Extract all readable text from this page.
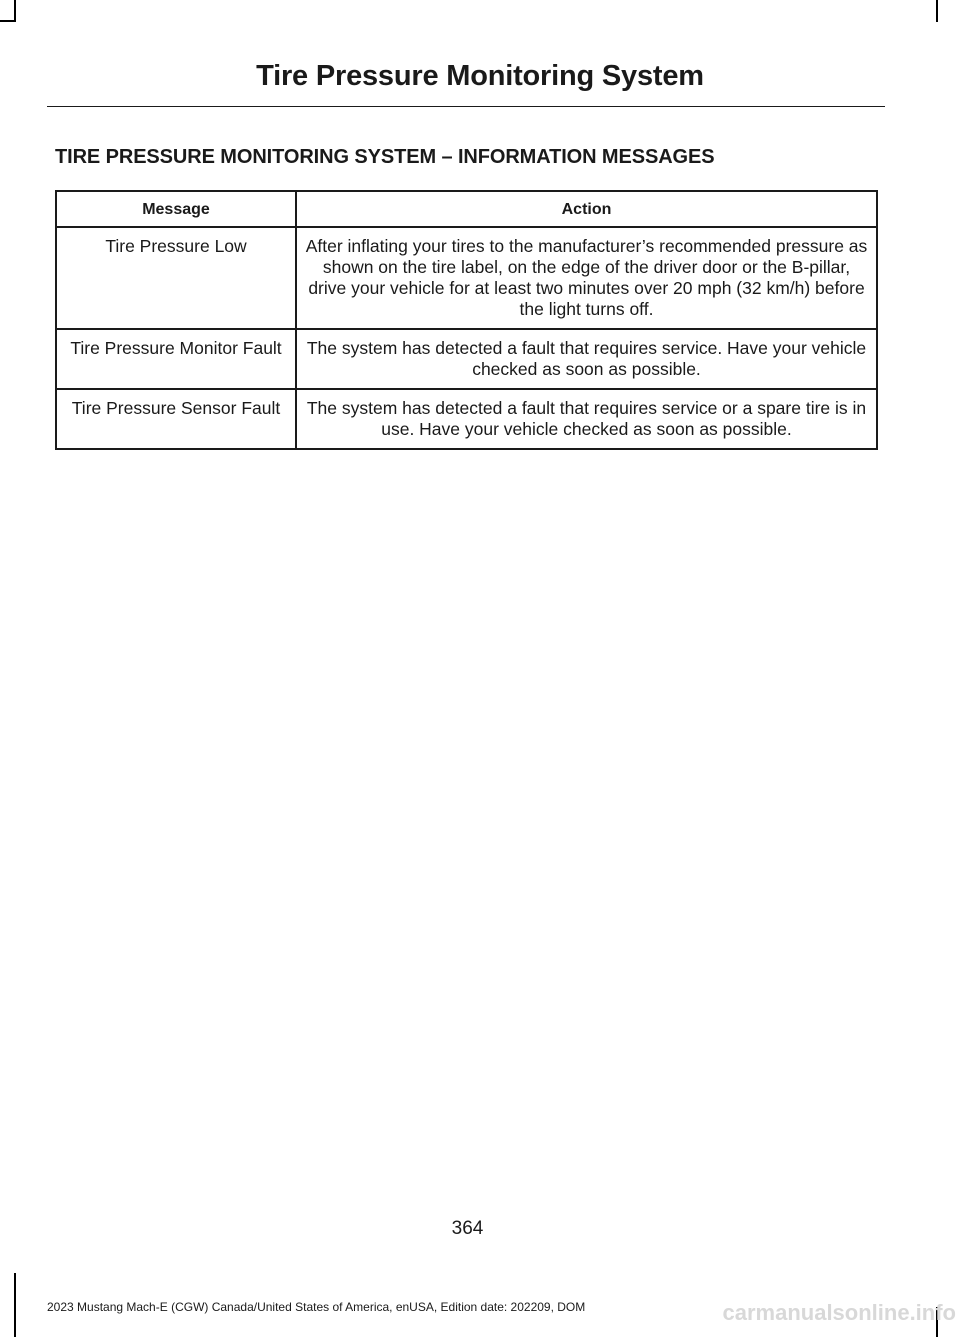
Tire Pressure Monitoring System
TIRE PRESSURE MONITORING SYSTEM – INFORMATION MESSAGES
Message	Action
Tire Pressure Low	After inflating your tires to the manufacturer’s recommended pressure as shown on the tire label, on the edge of the driver door or the B-pillar, drive your vehicle for at least two minutes over 20 mph (32 km/h) before the light turns off.
Tire Pressure Monitor Fault	The system has detected a fault that requires service. Have your vehicle checked as soon as possible.
Tire Pressure Sensor Fault	The system has detected a fault that requires service or a spare tire is in use. Have your vehicle checked as soon as possible.
364
2023 Mustang Mach-E (CGW) Canada/United States of America, enUSA, Edition date: 202209, DOM	carmanualsonline.info
